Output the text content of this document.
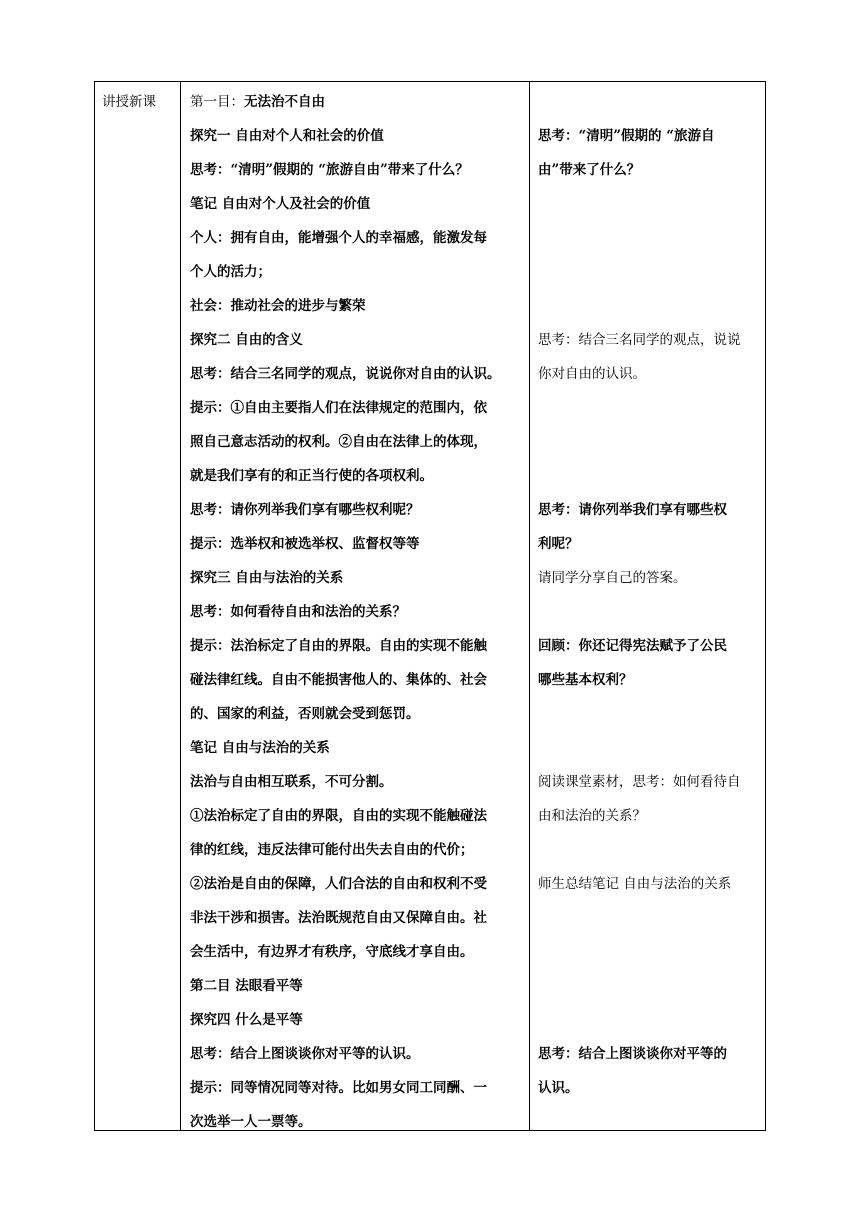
讲授新课	第一目：无法治不自由
探究一 自由对个人和社会的价值
思考：“清明”假期的 “旅游自由”带来了什么？
笔记 自由对个人及社会的价值
个人：拥有自由，能增强个人的幸福感，能激发每
个人的活力；
社会：推动社会的进步与繁荣
探究二 自由的含义
思考：结合三名同学的观点，说说你对自由的认识。
提示：①自由主要指人们在法律规定的范围内，依
照自己意志活动的权利。②自由在法律上的体现，
就是我们享有的和正当行使的各项权利。
思考：请你列举我们享有哪些权利呢？
提示：选举权和被选举权、监督权等等
探究三 自由与法治的关系
思考：如何看待自由和法治的关系？
提示：法治标定了自由的界限。自由的实现不能触
碰法律红线。自由不能损害他人的、集体的、社会
的、国家的利益，否则就会受到惩罚。
笔记 自由与法治的关系
法治与自由相互联系，不可分割。
①法治标定了自由的界限，自由的实现不能触碰法
律的红线，违反法律可能付出失去自由的代价；
②法治是自由的保障，人们合法的自由和权利不受
非法干涉和损害。法治既规范自由又保障自由。社
会生活中，有边界才有秩序，守底线才享自由。
第二目 法眼看平等
探究四 什么是平等
思考：结合上图谈谈你对平等的认识。
提示：同等情况同等对待。比如男女同工同酬、一
次选举一人一票等。
思考：“清明”假期的 “旅游自
由”带来了什么？
思考：结合三名同学的观点，说说
你对自由的认识。
思考：请你列举我们享有哪些权
利呢？
请同学分享自己的答案。
回顾：你还记得宪法赋予了公民
哪些基本权利？
阅读课堂素材，思考：如何看待自
由和法治的关系？
师生总结笔记 自由与法治的关系
思考：结合上图谈谈你对平等的
认识。
